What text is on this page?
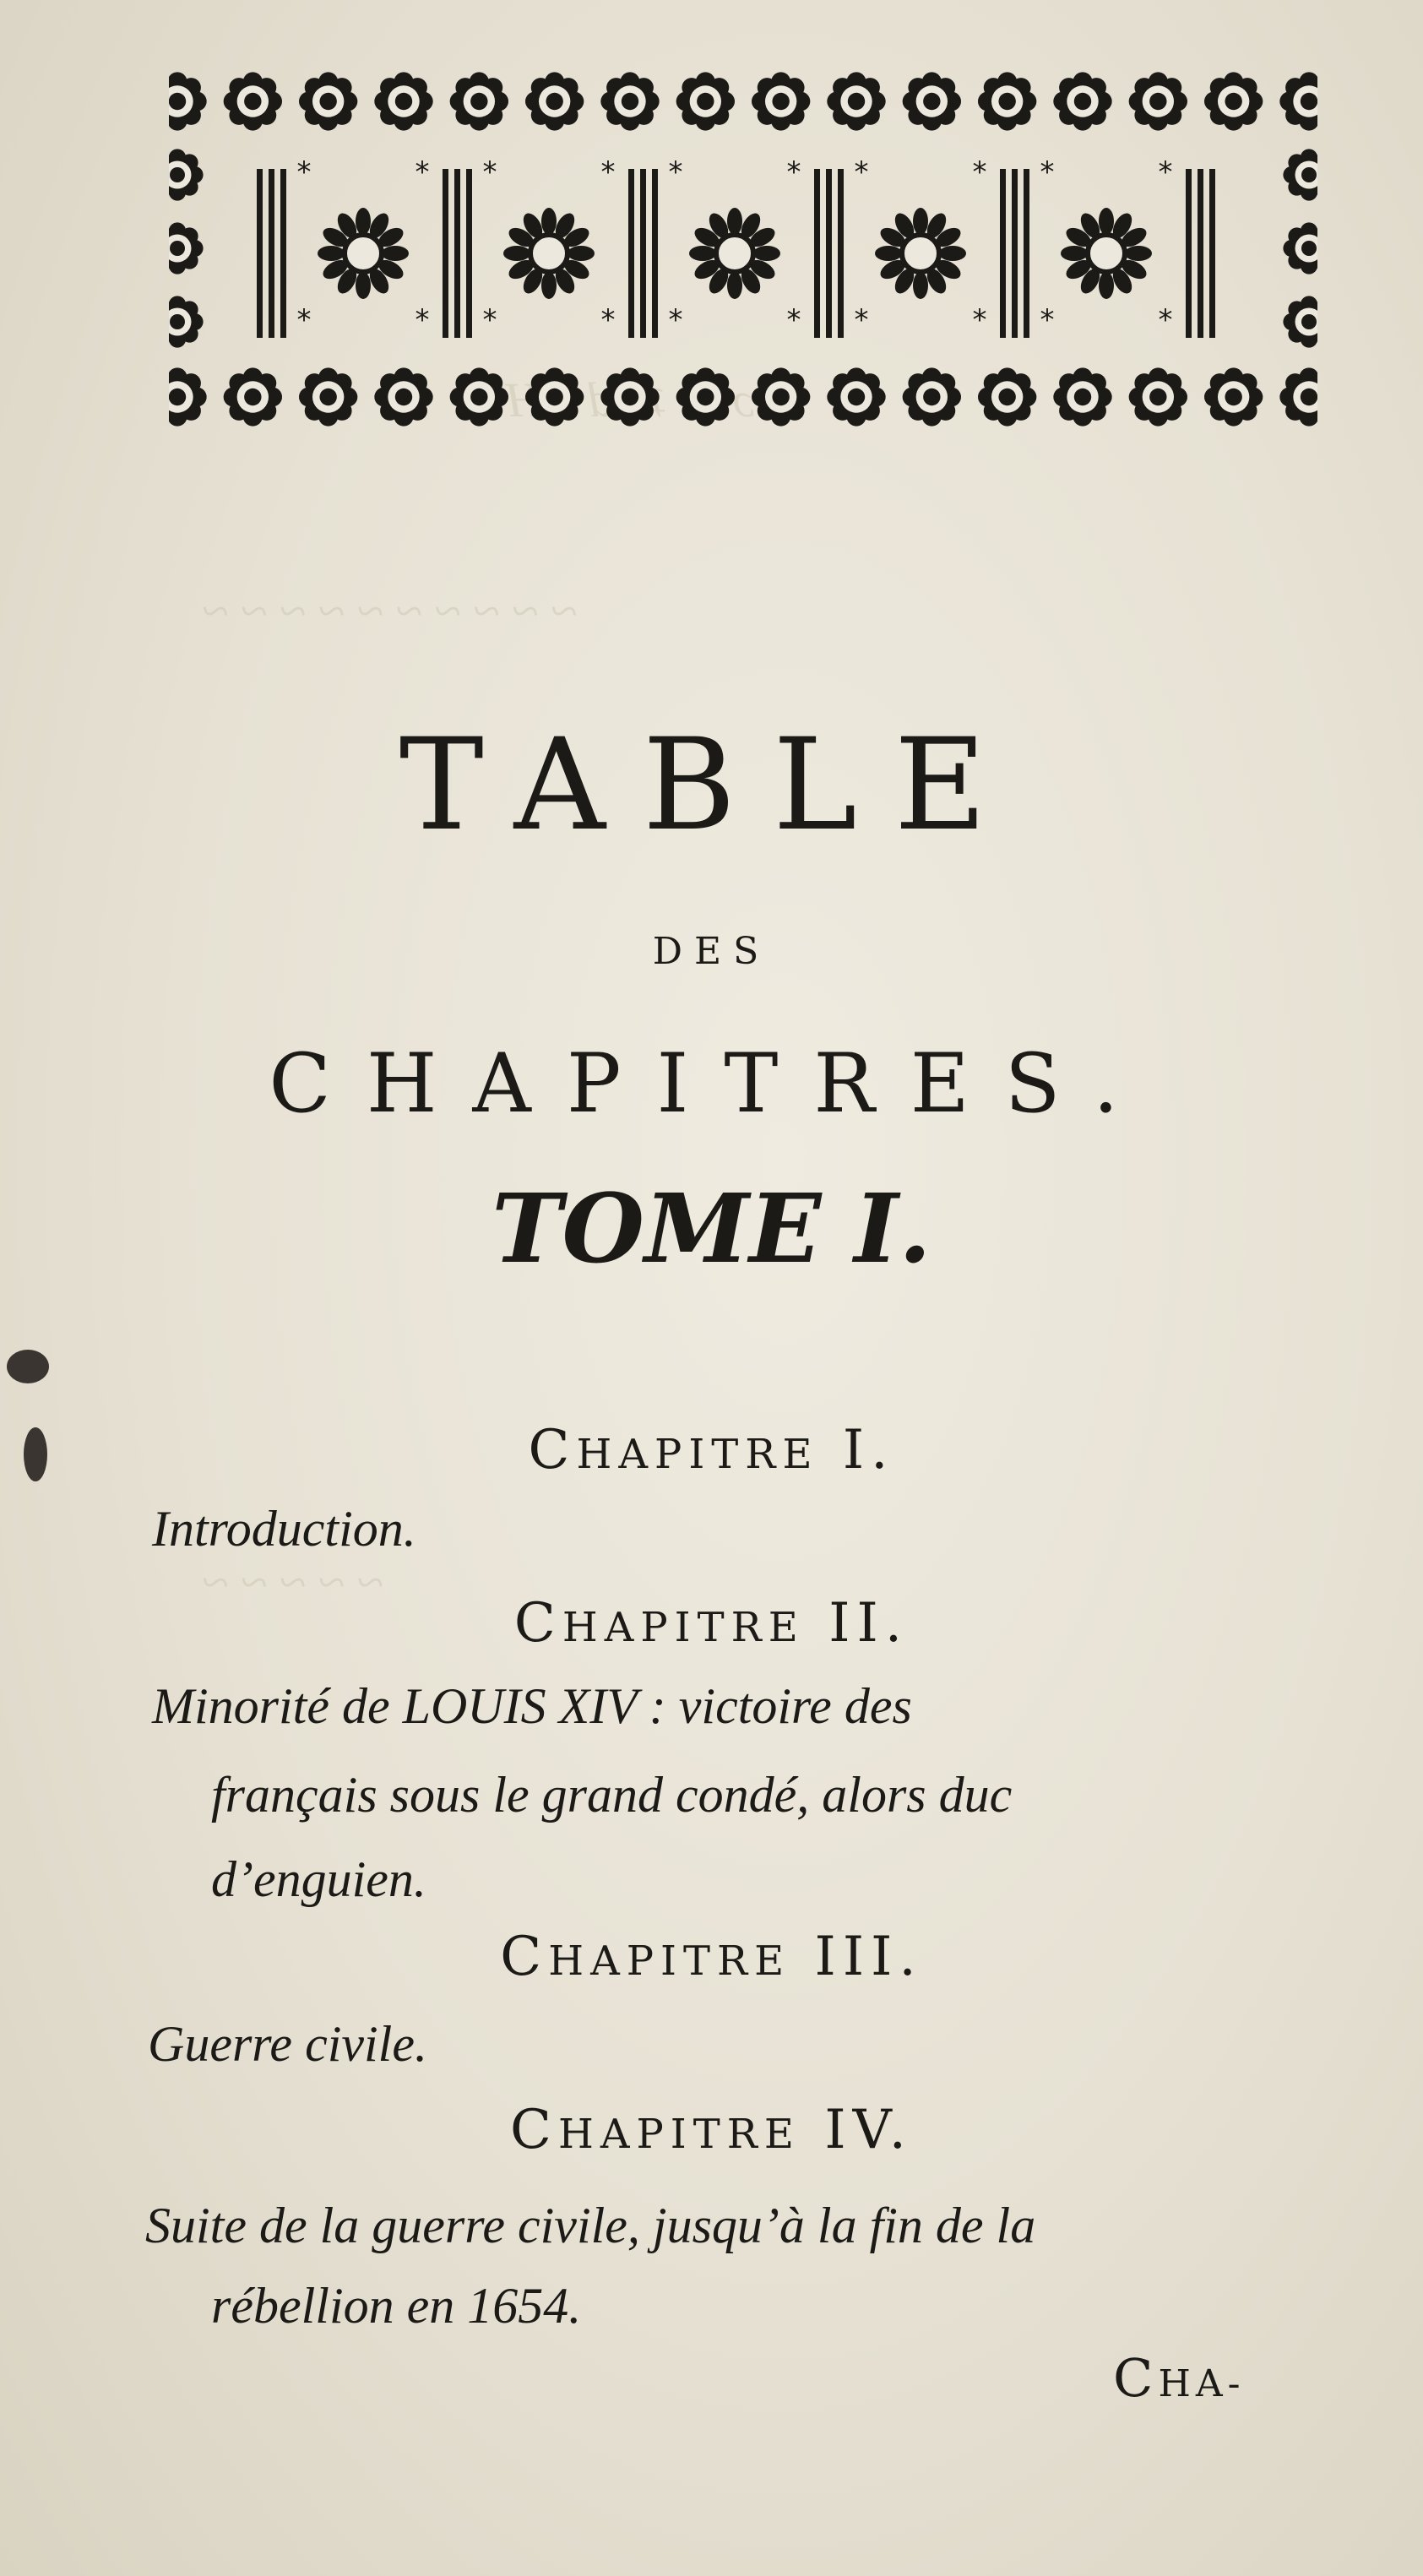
ɔ d H
~ ~ ~ ~ ~ ~ ~ ~ ~ ~
~ ~ ~ ~ ~
*	*
*	*
*	*
*	*
*	*
*	*
*	*
*	*
*	*
*	*
TABLE
DES
CHAPITRES.
TOME I.
CHAPITRE I.
Introduction.
CHAPITRE II.
Minorité de LOUIS XIV : victoire des
français sous le grand condé, alors duc
d’enguien.
CHAPITRE III.
Guerre civile.
CHAPITRE IV.
Suite de la guerre civile, jusqu’à la fin de la
rébellion en 1654.
CHA-
